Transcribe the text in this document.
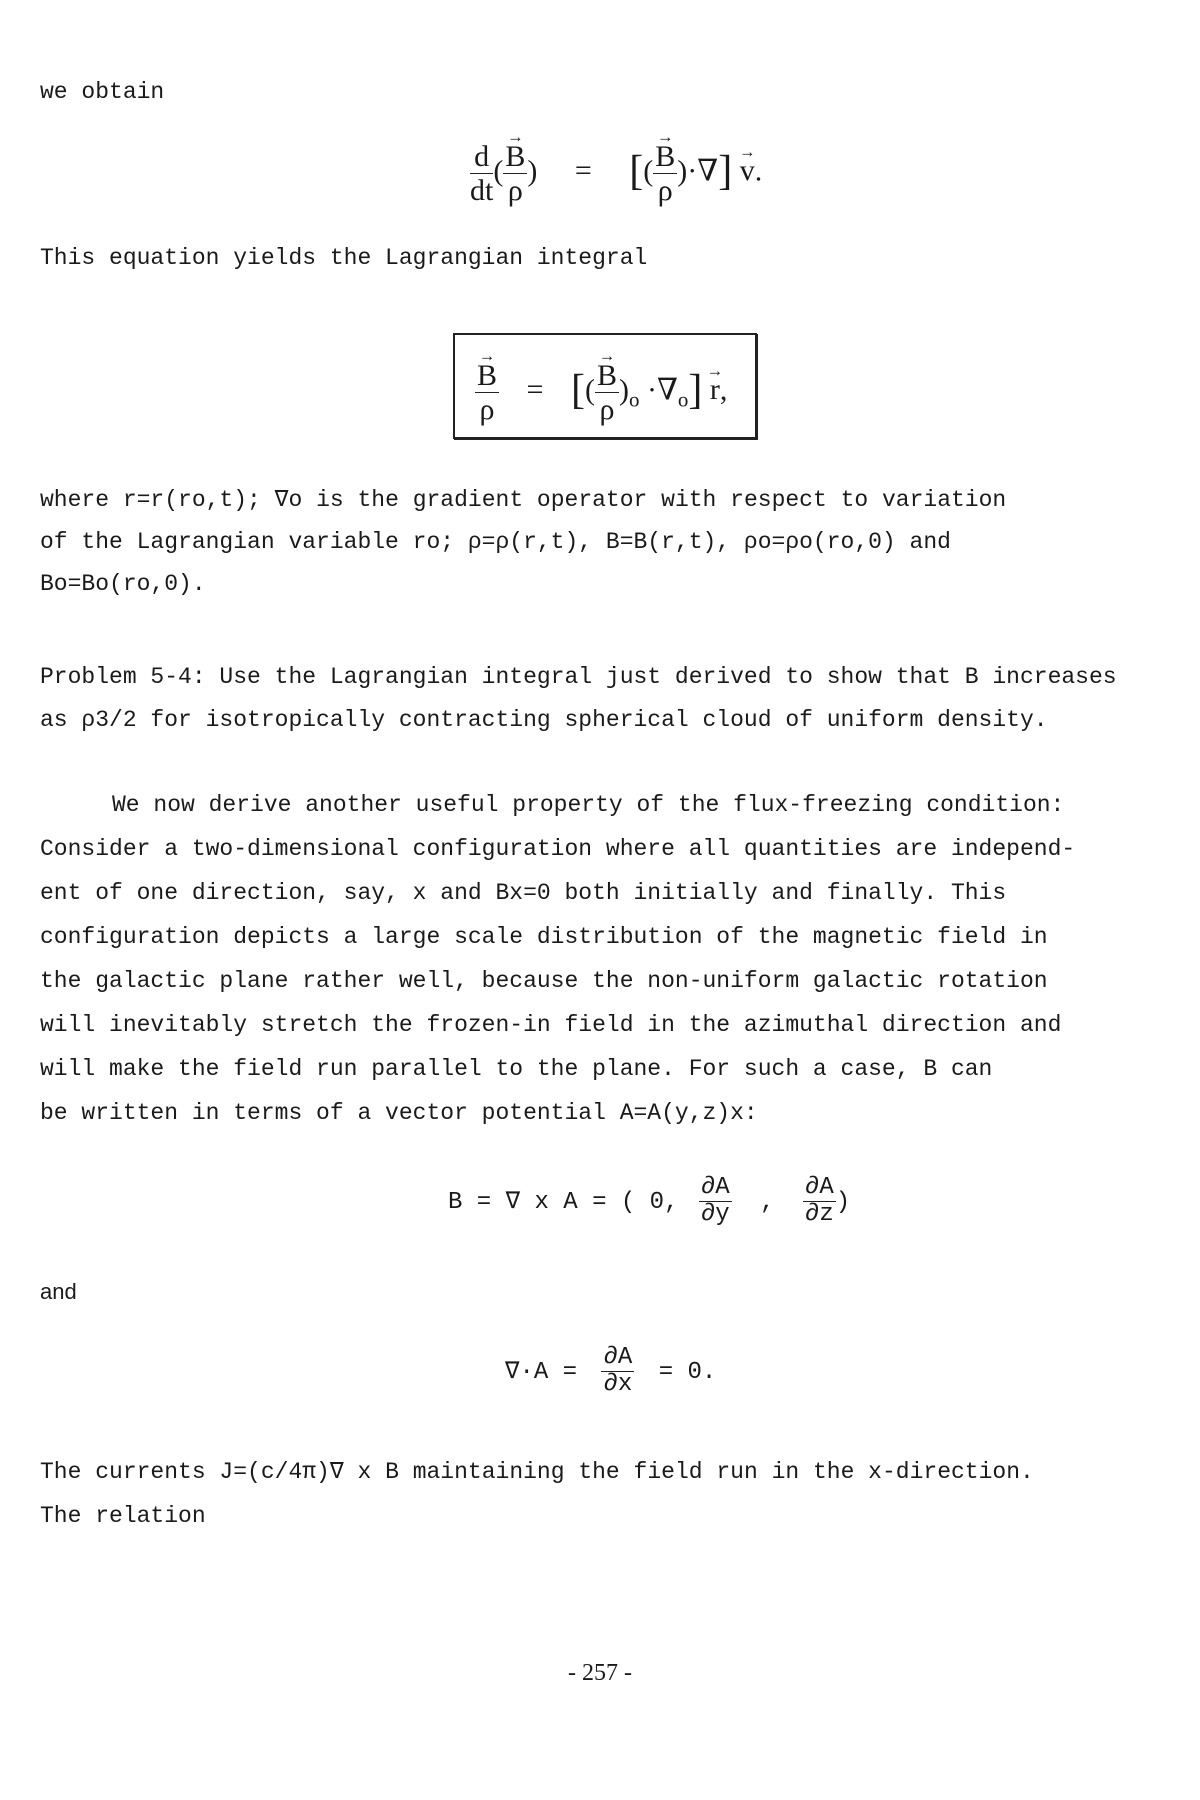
we obtain

$\frac{d}{dt}$ ( → $\frac{B}{\rho}$ ) = [( → $\frac{B}{\rho}$ )·∇] → v.

This equation yields the Lagrangian integral

→ $\frac{B}{\rho}$ = [( → $\frac{B}{\rho} )_o \cdot\nabla_o] \to r$,

where r=r(ro,t); ∇o is the gradient operator with respect to variation

of the Lagrangian variable ro; ρ=ρ(r,t), B=B(r,t), ρo=ρo(ro,0) and

Bo=Bo(ro,0).

Problem 5-4: Use the Lagrangian integral just derived to show that B increases

as ρ3/2 for isotropically contracting spherical cloud of uniform density.

We now derive another useful property of the flux-freezing condition:

Consider a two-dimensional configuration where all quantities are independ-

ent of one direction, say, x and Bx=0 both initially and finally. This

configuration depicts a large scale distribution of the magnetic field in

the galactic plane rather well, because the non-uniform galactic rotation

will inevitably stretch the frozen-in field in the azimuthal direction and

will make the field run parallel to the plane. For such a case, B can

be written in terms of a vector potential A=A(y,z)x:

B = ∇ x A = ( 0, $\frac{\partial A}{\partial y}$ , $\frac{\partial A}{\partial z}$ )

and

$\nabla\cdot A = \frac{\partial A}{\partial x} = 0$.

The currents J=(c/4π)∇ x B maintaining the field run in the x-direction.

The relation

- 257 -
